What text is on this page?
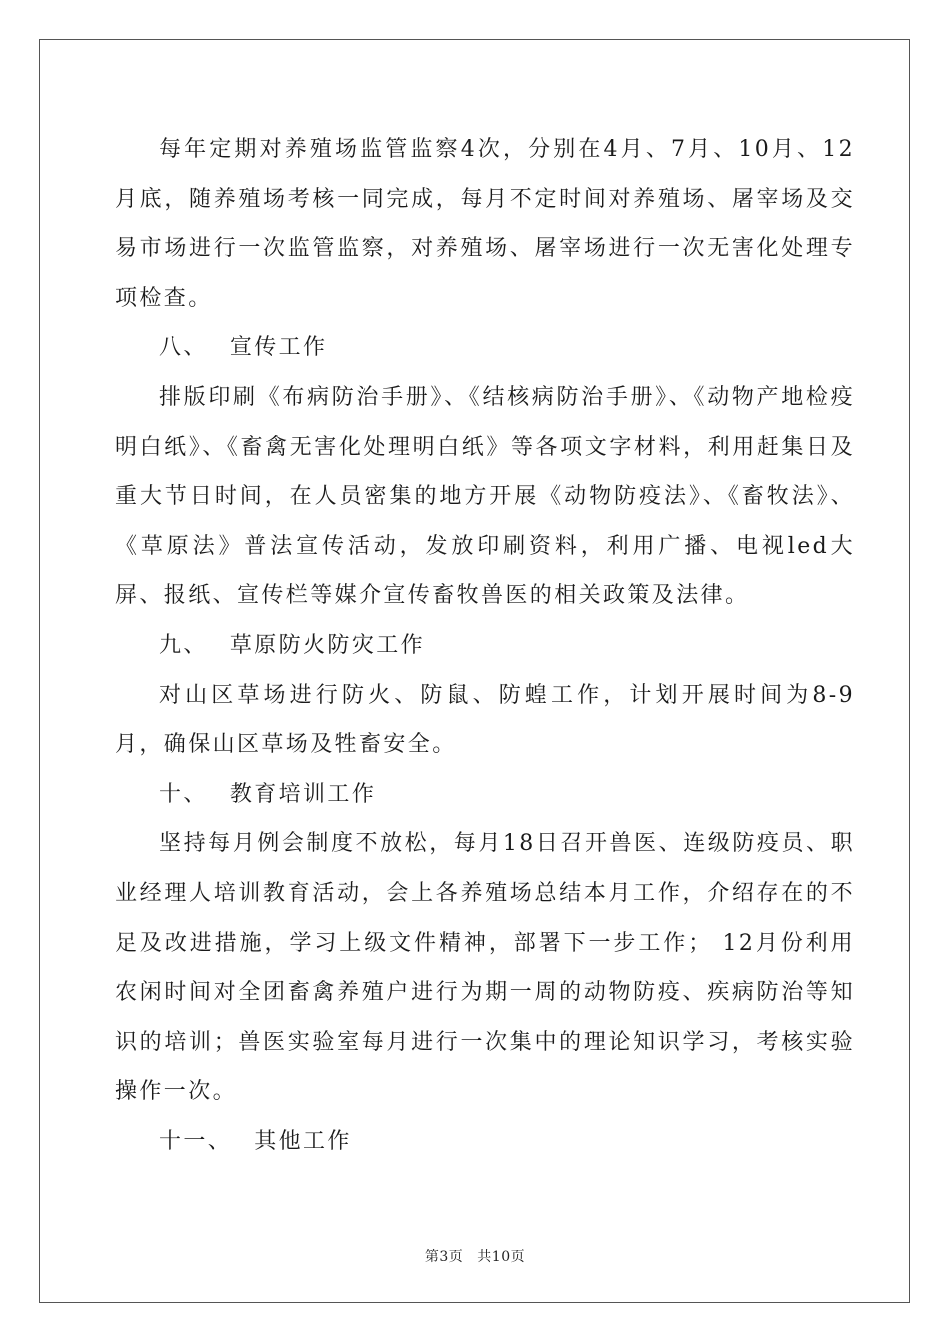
每年定期对养殖场监管监察4次，分别在4月、7月、10月、12月底，随养殖场考核一同完成，每月不定时间对养殖场、屠宰场及交易市场进行一次监管监察，对养殖场、屠宰场进行一次无害化处理专项检查。

八、 宣传工作

排版印刷《布病防治手册》、《结核病防治手册》、《动物产地检疫明白纸》、《畜禽无害化处理明白纸》等各项文字材料，利用赶集日及重大节日时间，在人员密集的地方开展《动物防疫法》、《畜牧法》、《草原法》普法宣传活动，发放印刷资料，利用广播、电视led大屏、报纸、宣传栏等媒介宣传畜牧兽医的相关政策及法律。

九、 草原防火防灾工作

对山区草场进行防火、防鼠、防蝗工作，计划开展时间为8-9月，确保山区草场及牲畜安全。

十、 教育培训工作

坚持每月例会制度不放松，每月18日召开兽医、连级防疫员、职业经理人培训教育活动，会上各养殖场总结本月工作，介绍存在的不足及改进措施，学习上级文件精神，部署下一步工作； 12月份利用农闲时间对全团畜禽养殖户进行为期一周的动物防疫、疾病防治等知识的培训；兽医实验室每月进行一次集中的理论知识学习，考核实验操作一次。

十一、 其他工作

第3页 共10页
